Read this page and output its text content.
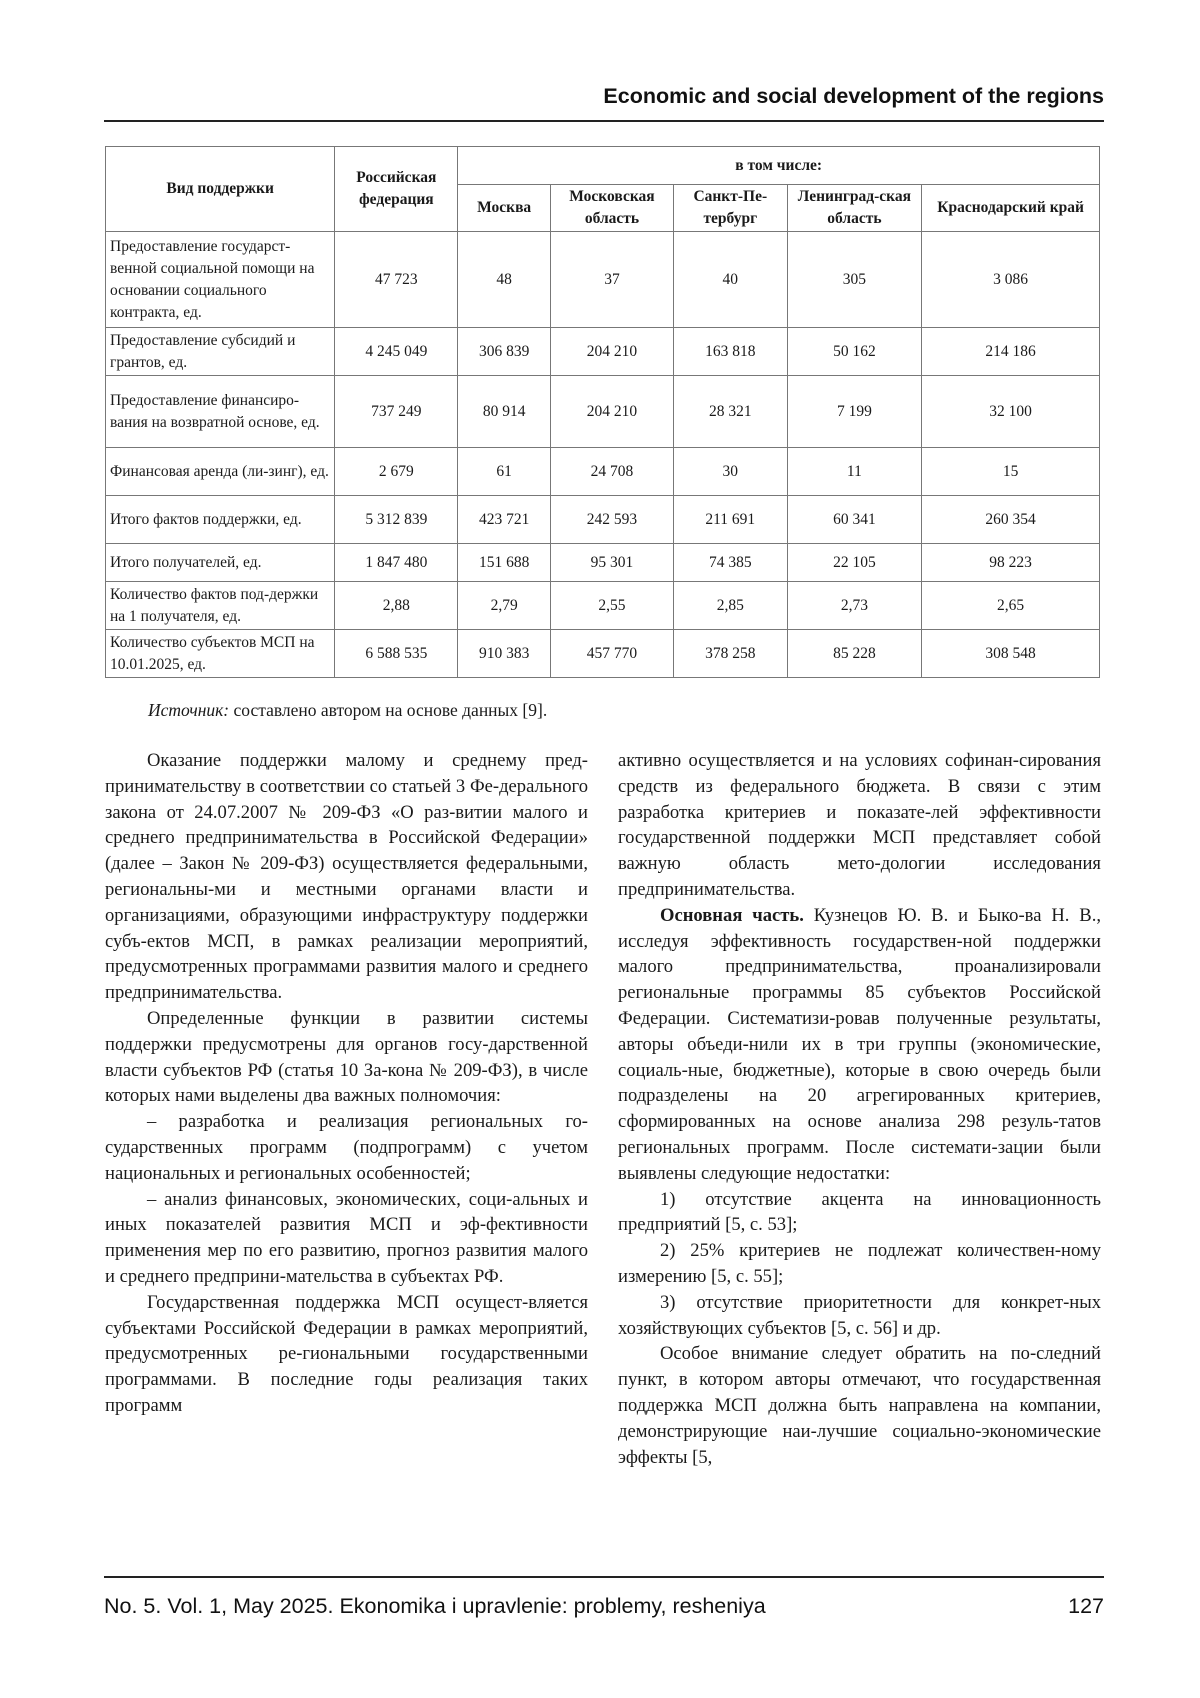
Economic and social development of the regions
Вид поддержки	Российская федерация	в том числе:				
		Москва	Московская область	Санкт-Пе-тербург	Ленинград-ская область	Краснодарский край
Предоставление государст-венной социальной помощи на основании социального контракта, ед.	47 723	48	37	40	305	3 086
Предоставление субсидий и грантов, ед.	4 245 049	306 839	204 210	163 818	50 162	214 186
Предоставление финансиро-вания на возвратной основе, ед.	737 249	80 914	204 210	28 321	7 199	32 100
Финансовая аренда (ли-зинг), ед.	2 679	61	24 708	30	11	15
Итого фактов поддержки, ед.	5 312 839	423 721	242 593	211 691	60 341	260 354
Итого получателей, ед.	1 847 480	151 688	95 301	74 385	22 105	98 223
Количество фактов под-держки на 1 получателя, ед.	2,88	2,79	2,55	2,85	2,73	2,65
Количество субъектов МСП на 10.01.2025, ед.	6 588 535	910 383	457 770	378 258	85 228	308 548
Источник: составлено автором на основе данных [9].

Оказание поддержки малому и среднему пред-принимательству в соответствии со статьей 3 Фе-дерального закона от 24.07.2007 № 209-ФЗ «О раз-витии малого и среднего предпринимательства в Российской Федерации» (далее – Закон № 209-ФЗ) осуществляется федеральными, региональны-ми и местными органами власти и организациями, образующими инфраструктуру поддержки субъ-ектов МСП, в рамках реализации мероприятий, предусмотренных программами развития малого и среднего предпринимательства.

Определенные функции в развитии системы поддержки предусмотрены для органов госу-дарственной власти субъектов РФ (статья 10 За-кона № 209-ФЗ), в числе которых нами выделены два важных полномочия:

– разработка и реализация региональных го-сударственных программ (подпрограмм) с учетом национальных и региональных особенностей;

– анализ финансовых, экономических, соци-альных и иных показателей развития МСП и эф-фективности применения мер по его развитию, прогноз развития малого и среднего предприни-мательства в субъектах РФ.

Государственная поддержка МСП осущест-вляется субъектами Российской Федерации в рамках мероприятий, предусмотренных ре-гиональными государственными программами. В последние годы реализация таких программ

активно осуществляется и на условиях софинан-сирования средств из федерального бюджета. В связи с этим разработка критериев и показате-лей эффективности государственной поддержки МСП представляет собой важную область мето-дологии исследования предпринимательства.

Основная часть. Кузнецов Ю. В. и Быко-ва Н. В., исследуя эффективность государствен-ной поддержки малого предпринимательства, проанализировали региональные программы 85 субъектов Российской Федерации. Систематизи-ровав полученные результаты, авторы объеди-нили их в три группы (экономические, социаль-ные, бюджетные), которые в свою очередь были подразделены на 20 агрегированных критериев, сформированных на основе анализа 298 резуль-татов региональных программ. После системати-зации были выявлены следующие недостатки:

1) отсутствие акцента на инновационность предприятий [5, с. 53];

2) 25% критериев не подлежат количествен-ному измерению [5, с. 55];

3) отсутствие приоритетности для конкрет-ных хозяйствующих субъектов [5, с. 56] и др.

Особое внимание следует обратить на по-следний пункт, в котором авторы отмечают, что государственная поддержка МСП должна быть направлена на компании, демонстрирующие наи-лучшие социально-экономические эффекты [5,

No. 5. Vol. 1, May 2025. Ekonomika i upravlenie: problemy, resheniya	127
